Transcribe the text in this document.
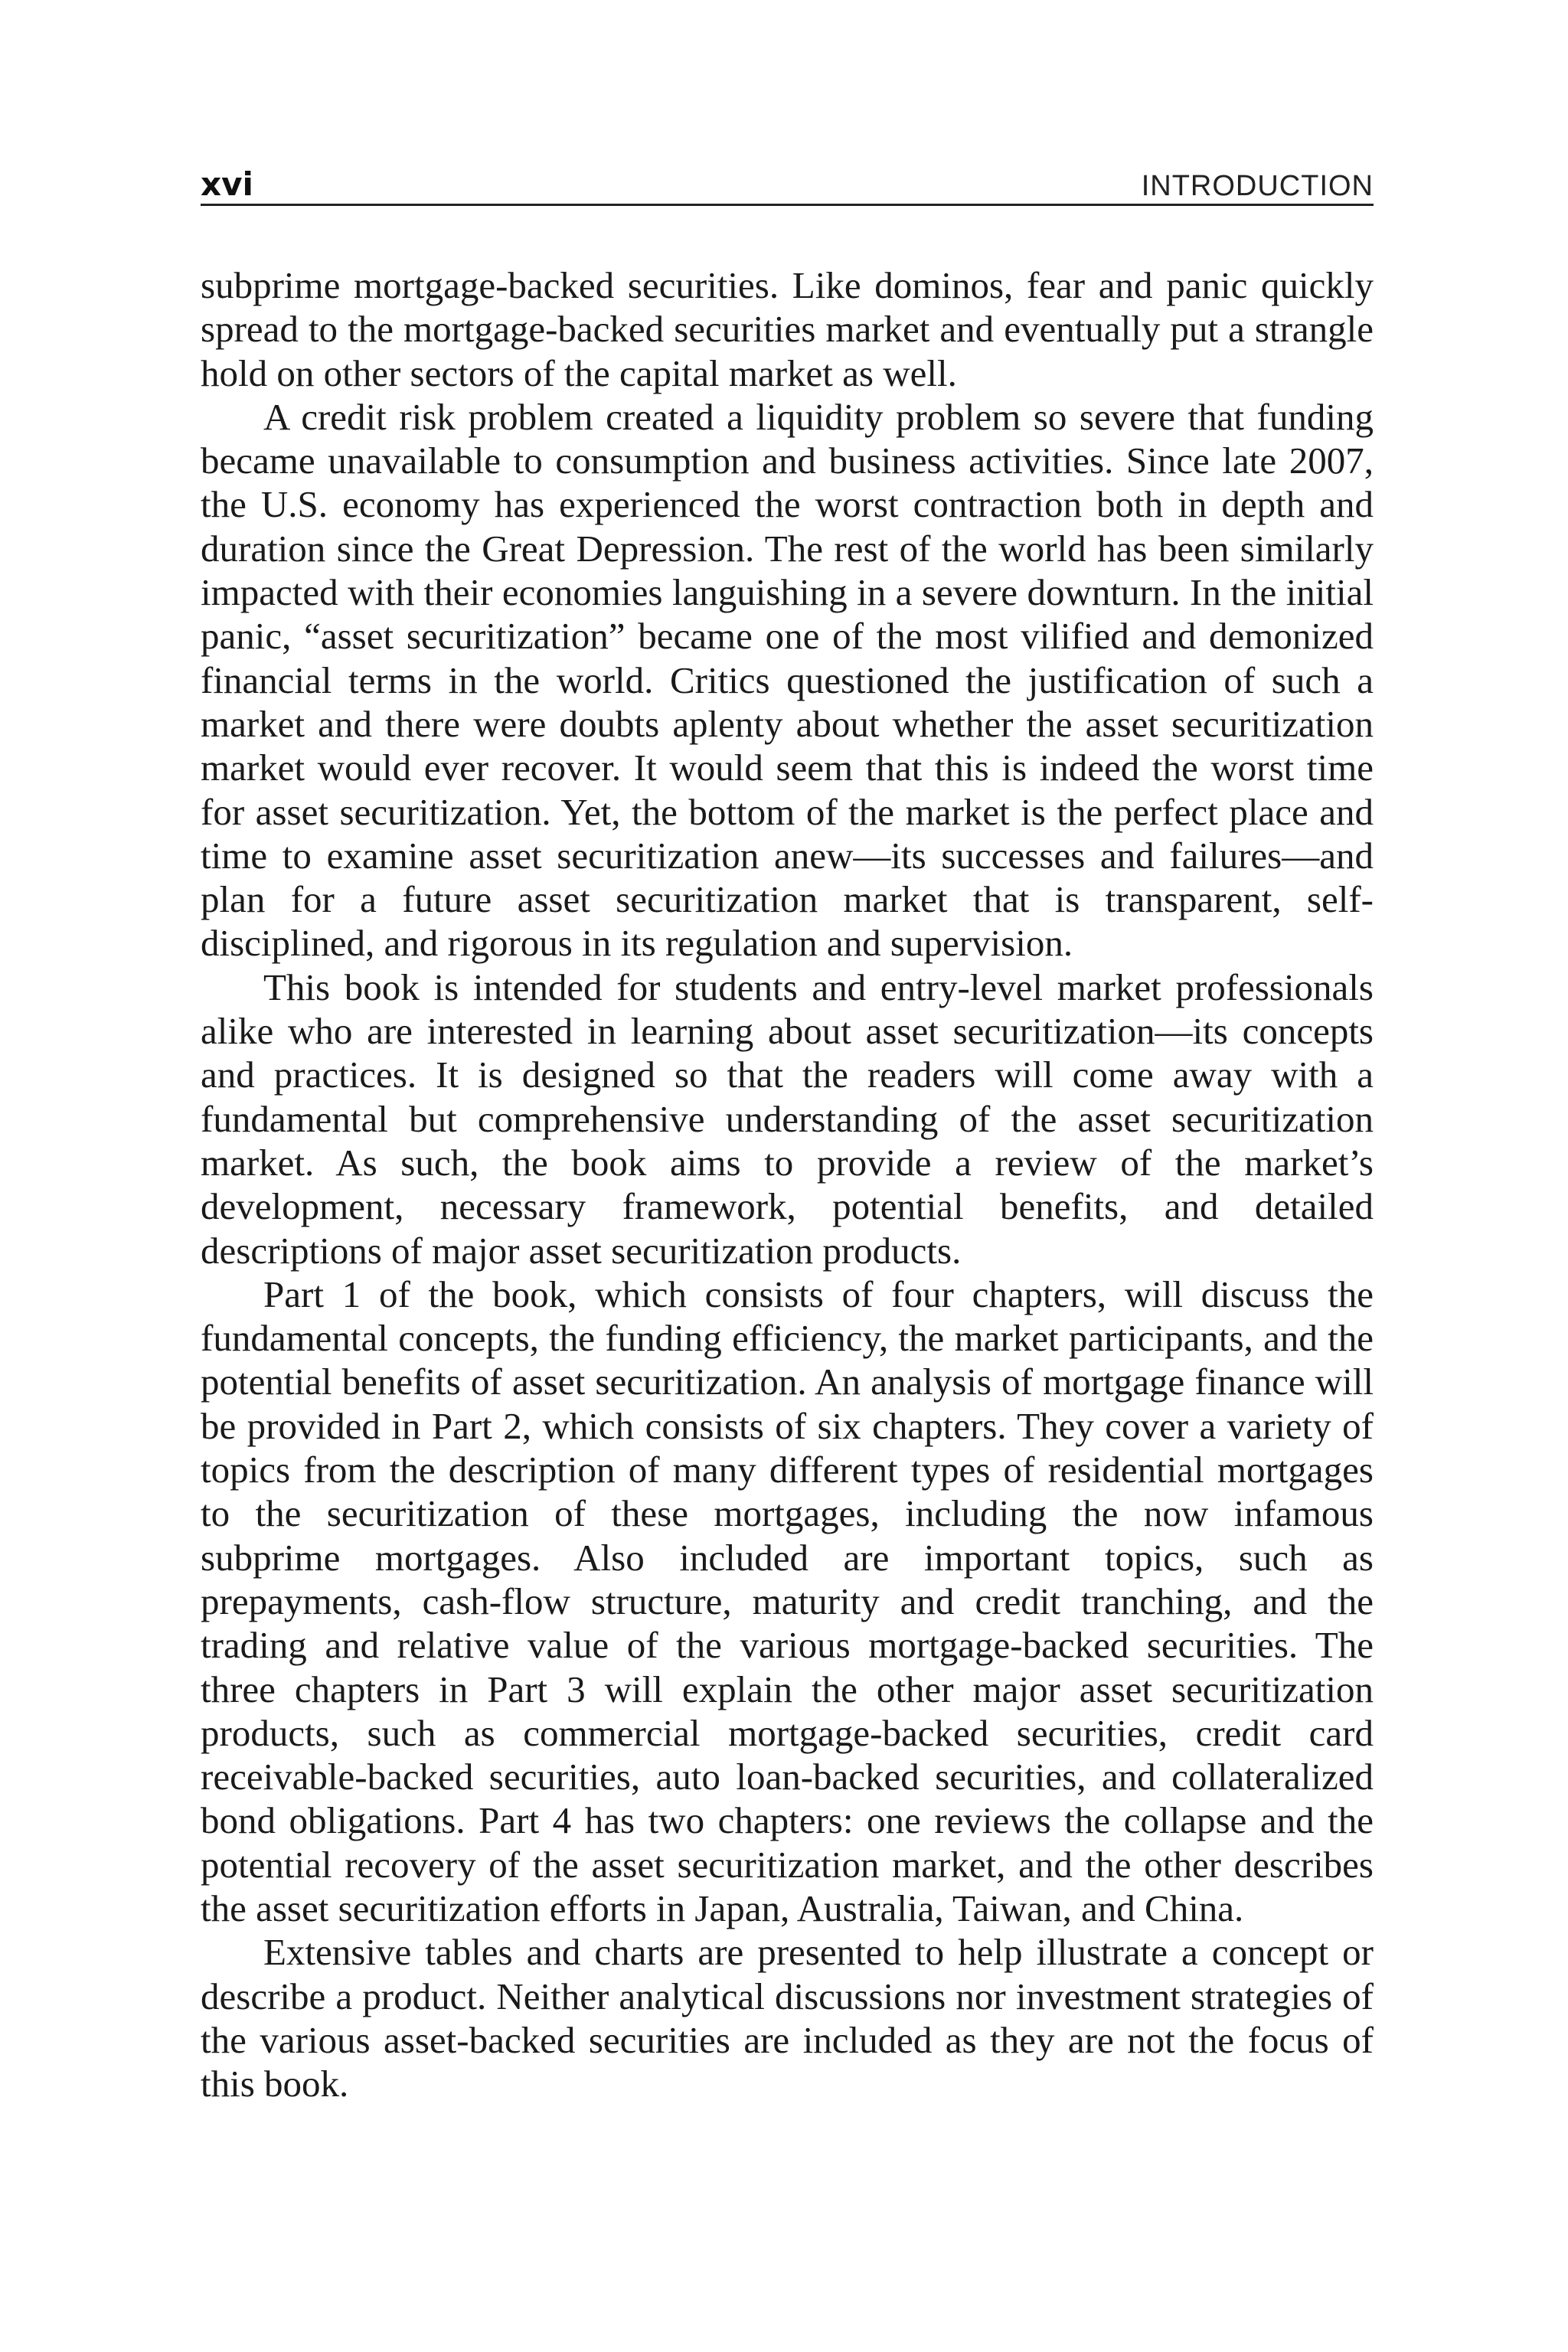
xvi	INTRODUCTION

subprime mortgage-backed securities. Like dominos, fear and panic quickly spread to the mortgage-backed securities market and eventually put a strangle hold on other sectors of the capital market as well.

A credit risk problem created a liquidity problem so severe that funding became unavailable to consumption and business activities. Since late 2007, the U.S. economy has experienced the worst contraction both in depth and duration since the Great Depression. The rest of the world has been similarly impacted with their economies languishing in a severe downturn. In the initial panic, “asset securitization” became one of the most vilified and demonized financial terms in the world. Critics questioned the justification of such a market and there were doubts aplenty about whether the asset securitization market would ever recover. It would seem that this is indeed the worst time for asset securitization. Yet, the bottom of the market is the perfect place and time to examine asset securitization anew—its successes and failures—and plan for a future asset securitization market that is transparent, self-disciplined, and rigorous in its regulation and supervision.

This book is intended for students and entry-level market professionals alike who are interested in learning about asset securitization—its concepts and practices. It is designed so that the readers will come away with a fundamental but comprehensive understanding of the asset securitization market. As such, the book aims to provide a review of the market’s development, necessary framework, potential benefits, and detailed descriptions of major asset securitization products.

Part 1 of the book, which consists of four chapters, will discuss the fundamental concepts, the funding efficiency, the market participants, and the potential benefits of asset securitization. An analysis of mortgage finance will be provided in Part 2, which consists of six chapters. They cover a variety of topics from the description of many different types of residential mortgages to the securitization of these mortgages, including the now infamous subprime mortgages. Also included are important topics, such as prepayments, cash-flow structure, maturity and credit tranching, and the trading and relative value of the various mortgage-backed securities. The three chapters in Part 3 will explain the other major asset securitization products, such as commercial mortgage-backed securities, credit card receivable-backed securities, auto loan-backed securities, and collateralized bond obligations. Part 4 has two chapters: one reviews the collapse and the potential recovery of the asset securitization market, and the other describes the asset securitization efforts in Japan, Australia, Taiwan, and China.

Extensive tables and charts are presented to help illustrate a concept or describe a product. Neither analytical discussions nor investment strategies of the various asset-backed securities are included as they are not the focus of this book.
